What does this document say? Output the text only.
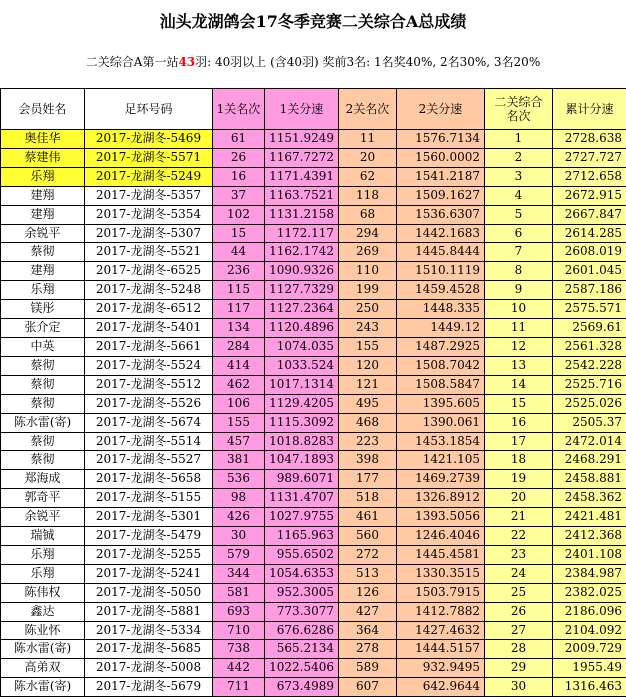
汕头龙湖鸽会17冬季竞赛二关综合A总成绩
二关综合A第一站43羽: 40羽以上 (含40羽) 奖前3名: 1名奖40%, 2名30%, 3名20%
会员姓名	足环号码	1关名次	1关分速	2关名次	2关分速	二关综合
名次	累计分速
奥佳华	2017-龙湖冬-5469	61	1151.9249	11	1576.7134	1	2728.638
蔡建伟	2017-龙湖冬-5571	26	1167.7272	20	1560.0002	2	2727.727
乐翔	2017-龙湖冬-5249	16	1171.4391	62	1541.2187	3	2712.658
建翔	2017-龙湖冬-5357	37	1163.7521	118	1509.1627	4	2672.915
建翔	2017-龙湖冬-5354	102	1131.2158	68	1536.6307	5	2667.847
余锐平	2017-龙湖冬-5307	15	1172.117	294	1442.1683	6	2614.285
蔡彻	2017-龙湖冬-5521	44	1162.1742	269	1445.8444	7	2608.019
建翔	2017-龙湖冬-6525	236	1090.9326	110	1510.1119	8	2601.045
乐翔	2017-龙湖冬-5248	115	1127.7329	199	1459.4528	9	2587.186
镁彤	2017-龙湖冬-6512	117	1127.2364	250	1448.335	10	2575.571
张介定	2017-龙湖冬-5401	134	1120.4896	243	1449.12	11	2569.61
中英	2017-龙湖冬-5661	284	1074.035	155	1487.2925	12	2561.328
蔡彻	2017-龙湖冬-5524	414	1033.524	120	1508.7042	13	2542.228
蔡彻	2017-龙湖冬-5512	462	1017.1314	121	1508.5847	14	2525.716
蔡彻	2017-龙湖冬-5526	106	1129.4205	495	1395.605	15	2525.026
陈水雷(寄)	2017-龙湖冬-5674	155	1115.3092	468	1390.061	16	2505.37
蔡彻	2017-龙湖冬-5514	457	1018.8283	223	1453.1854	17	2472.014
蔡彻	2017-龙湖冬-5527	381	1047.1893	398	1421.105	18	2468.291
郑海成	2017-龙湖冬-5658	536	989.6071	177	1469.2739	19	2458.881
郭奇平	2017-龙湖冬-5155	98	1131.4707	518	1326.8912	20	2458.362
余锐平	2017-龙湖冬-5301	426	1027.9755	461	1393.5056	21	2421.481
瑞铖	2017-龙湖冬-5479	30	1165.963	560	1246.4046	22	2412.368
乐翔	2017-龙湖冬-5255	579	955.6502	272	1445.4581	23	2401.108
乐翔	2017-龙湖冬-5241	344	1054.6353	513	1330.3515	24	2384.987
陈伟权	2017-龙湖冬-5050	581	952.3005	126	1503.7915	25	2382.025
鑫达	2017-龙湖冬-5881	693	773.3077	427	1412.7882	26	2186.096
陈业怀	2017-龙湖冬-5334	710	676.6286	364	1427.4632	27	2104.092
陈水雷(寄)	2017-龙湖冬-5685	738	565.2134	278	1444.5157	28	2009.729
高弟双	2017-龙湖冬-5008	442	1022.5406	589	932.9495	29	1955.49
陈水雷(寄)	2017-龙湖冬-5679	711	673.4989	607	642.9644	30	1316.463
